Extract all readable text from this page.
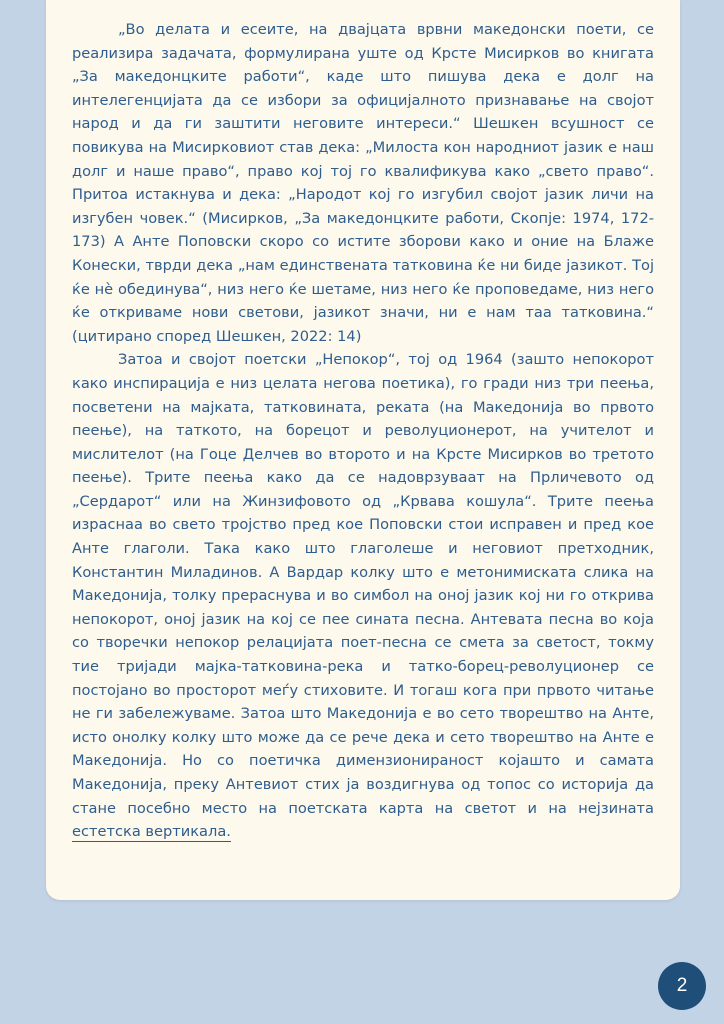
„Во делата и есеите, на двајцата врвни македонски поети, се реализира задачата, формулирана уште од Крсте Мисирков во книгата „За македонцките работи“, каде што пишува дека е долг на интелегенцијата да се избори за официјалното признавање на својот народ и да ги заштити неговите интереси.“ Шешкен всушност се повикува на Мисирковиот став дека: „Милоста кон народниот јазик е наш долг и наше право“, право кој тој го квалификува како „свето право“. Притоа истакнува и дека: „Народот кој го изгубил својот јазик личи на изгубен човек.“ (Мисирков, „За македонцките работи, Скопје: 1974, 172-173) А Анте Поповски скоро со истите зборови како и оние на Блаже Конески, тврди дека „нам единствената татковина ќе ни биде јазикот. Тој ќе нè обединува“, низ него ќе шетаме, низ него ќе проповедаме, низ него ќе откриваме нови светови, јазикот значи, ни е нам таа татковина.“ (цитирано според Шешкен, 2022: 14)

Затоа и својот поетски „Непокор“, тој од 1964 (зашто непокорот како инспирација е низ целата негова поетика), го гради низ три пеења, посветени на мајката, татковината, реката (на Македонија во првото пеење), на таткото, на борецот и револуционерот, на учителот и мислителот (на Гоце Делчев во второто и на Крсте Мисирков во третото пеење). Трите пеења како да се надоврзуваат на Прличевото од „Сердарот“ или на Жинзифовото од „Крвава кошула“. Трите пеења израснаа во свето тројство пред кое Поповски стои исправен и пред кое Анте глаголи. Така како што глаголеше и неговиот претходник, Константин Миладинов. А Вардар колку што е метонимиската слика на Македонија, толку прераснува и во симбол на оној јазик кој ни го открива непокорот, оној јазик на кој се пее сината песна. Антевата песна во која со творечки непокор релацијата поет-песна се смета за светост, токму тие тријади мајка-татковина-река и татко-борец-револуционер се постојано во просторот меѓу стиховите. И тогаш кога при првото читање не ги забележуваме. Затоа што Македонија е во сето творештво на Анте, исто онолку колку што може да се рече дека и сето творештво на Анте е Македонија. Но со поетичка димензионираност којашто и самата Македонија, преку Антевиот стих ја воздигнува од топос со историја да стане посебно место на поетската карта на светот и на нејзината естетска вертикала.

2
